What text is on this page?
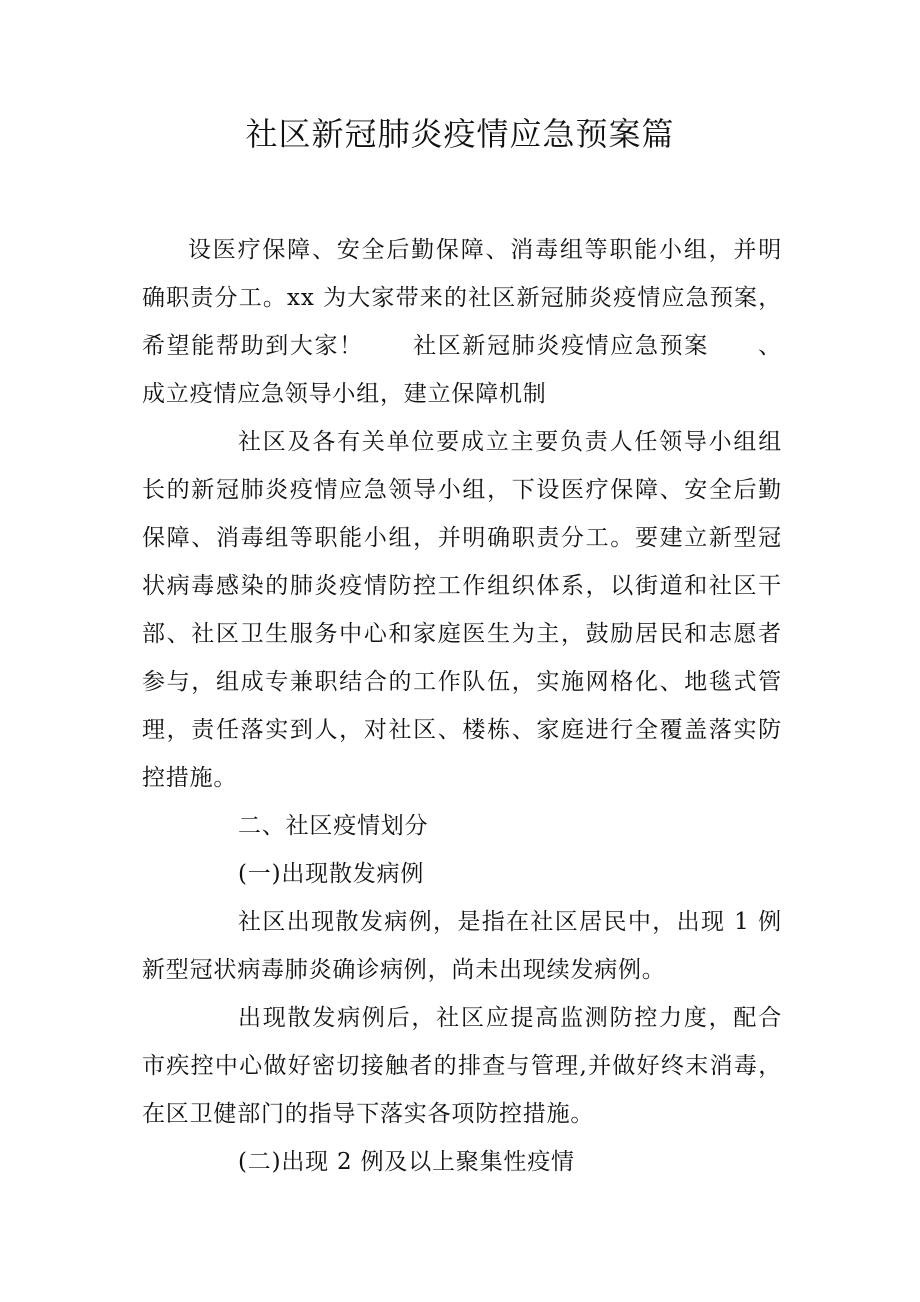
社区新冠肺炎疫情应急预案篇

设医疗保障、安全后勤保障、消毒组等职能小组，并明确职责分工。xx 为大家带来的社区新冠肺炎疫情应急预案，希望能帮助到大家！　　社区新冠肺炎疫情应急预案　　、成立疫情应急领导小组，建立保障机制

社区及各有关单位要成立主要负责人任领导小组组长的新冠肺炎疫情应急领导小组，下设医疗保障、安全后勤保障、消毒组等职能小组，并明确职责分工。要建立新型冠状病毒感染的肺炎疫情防控工作组织体系，以街道和社区干部、社区卫生服务中心和家庭医生为主，鼓励居民和志愿者参与，组成专兼职结合的工作队伍，实施网格化、地毯式管理，责任落实到人，对社区、楼栋、家庭进行全覆盖落实防控措施。

二、社区疫情划分

(一)出现散发病例

社区出现散发病例，是指在社区居民中，出现 1 例新型冠状病毒肺炎确诊病例，尚未出现续发病例。

出现散发病例后，社区应提高监测防控力度，配合市疾控中心做好密切接触者的排查与管理,并做好终末消毒，在区卫健部门的指导下落实各项防控措施。

(二)出现 2 例及以上聚集性疫情
